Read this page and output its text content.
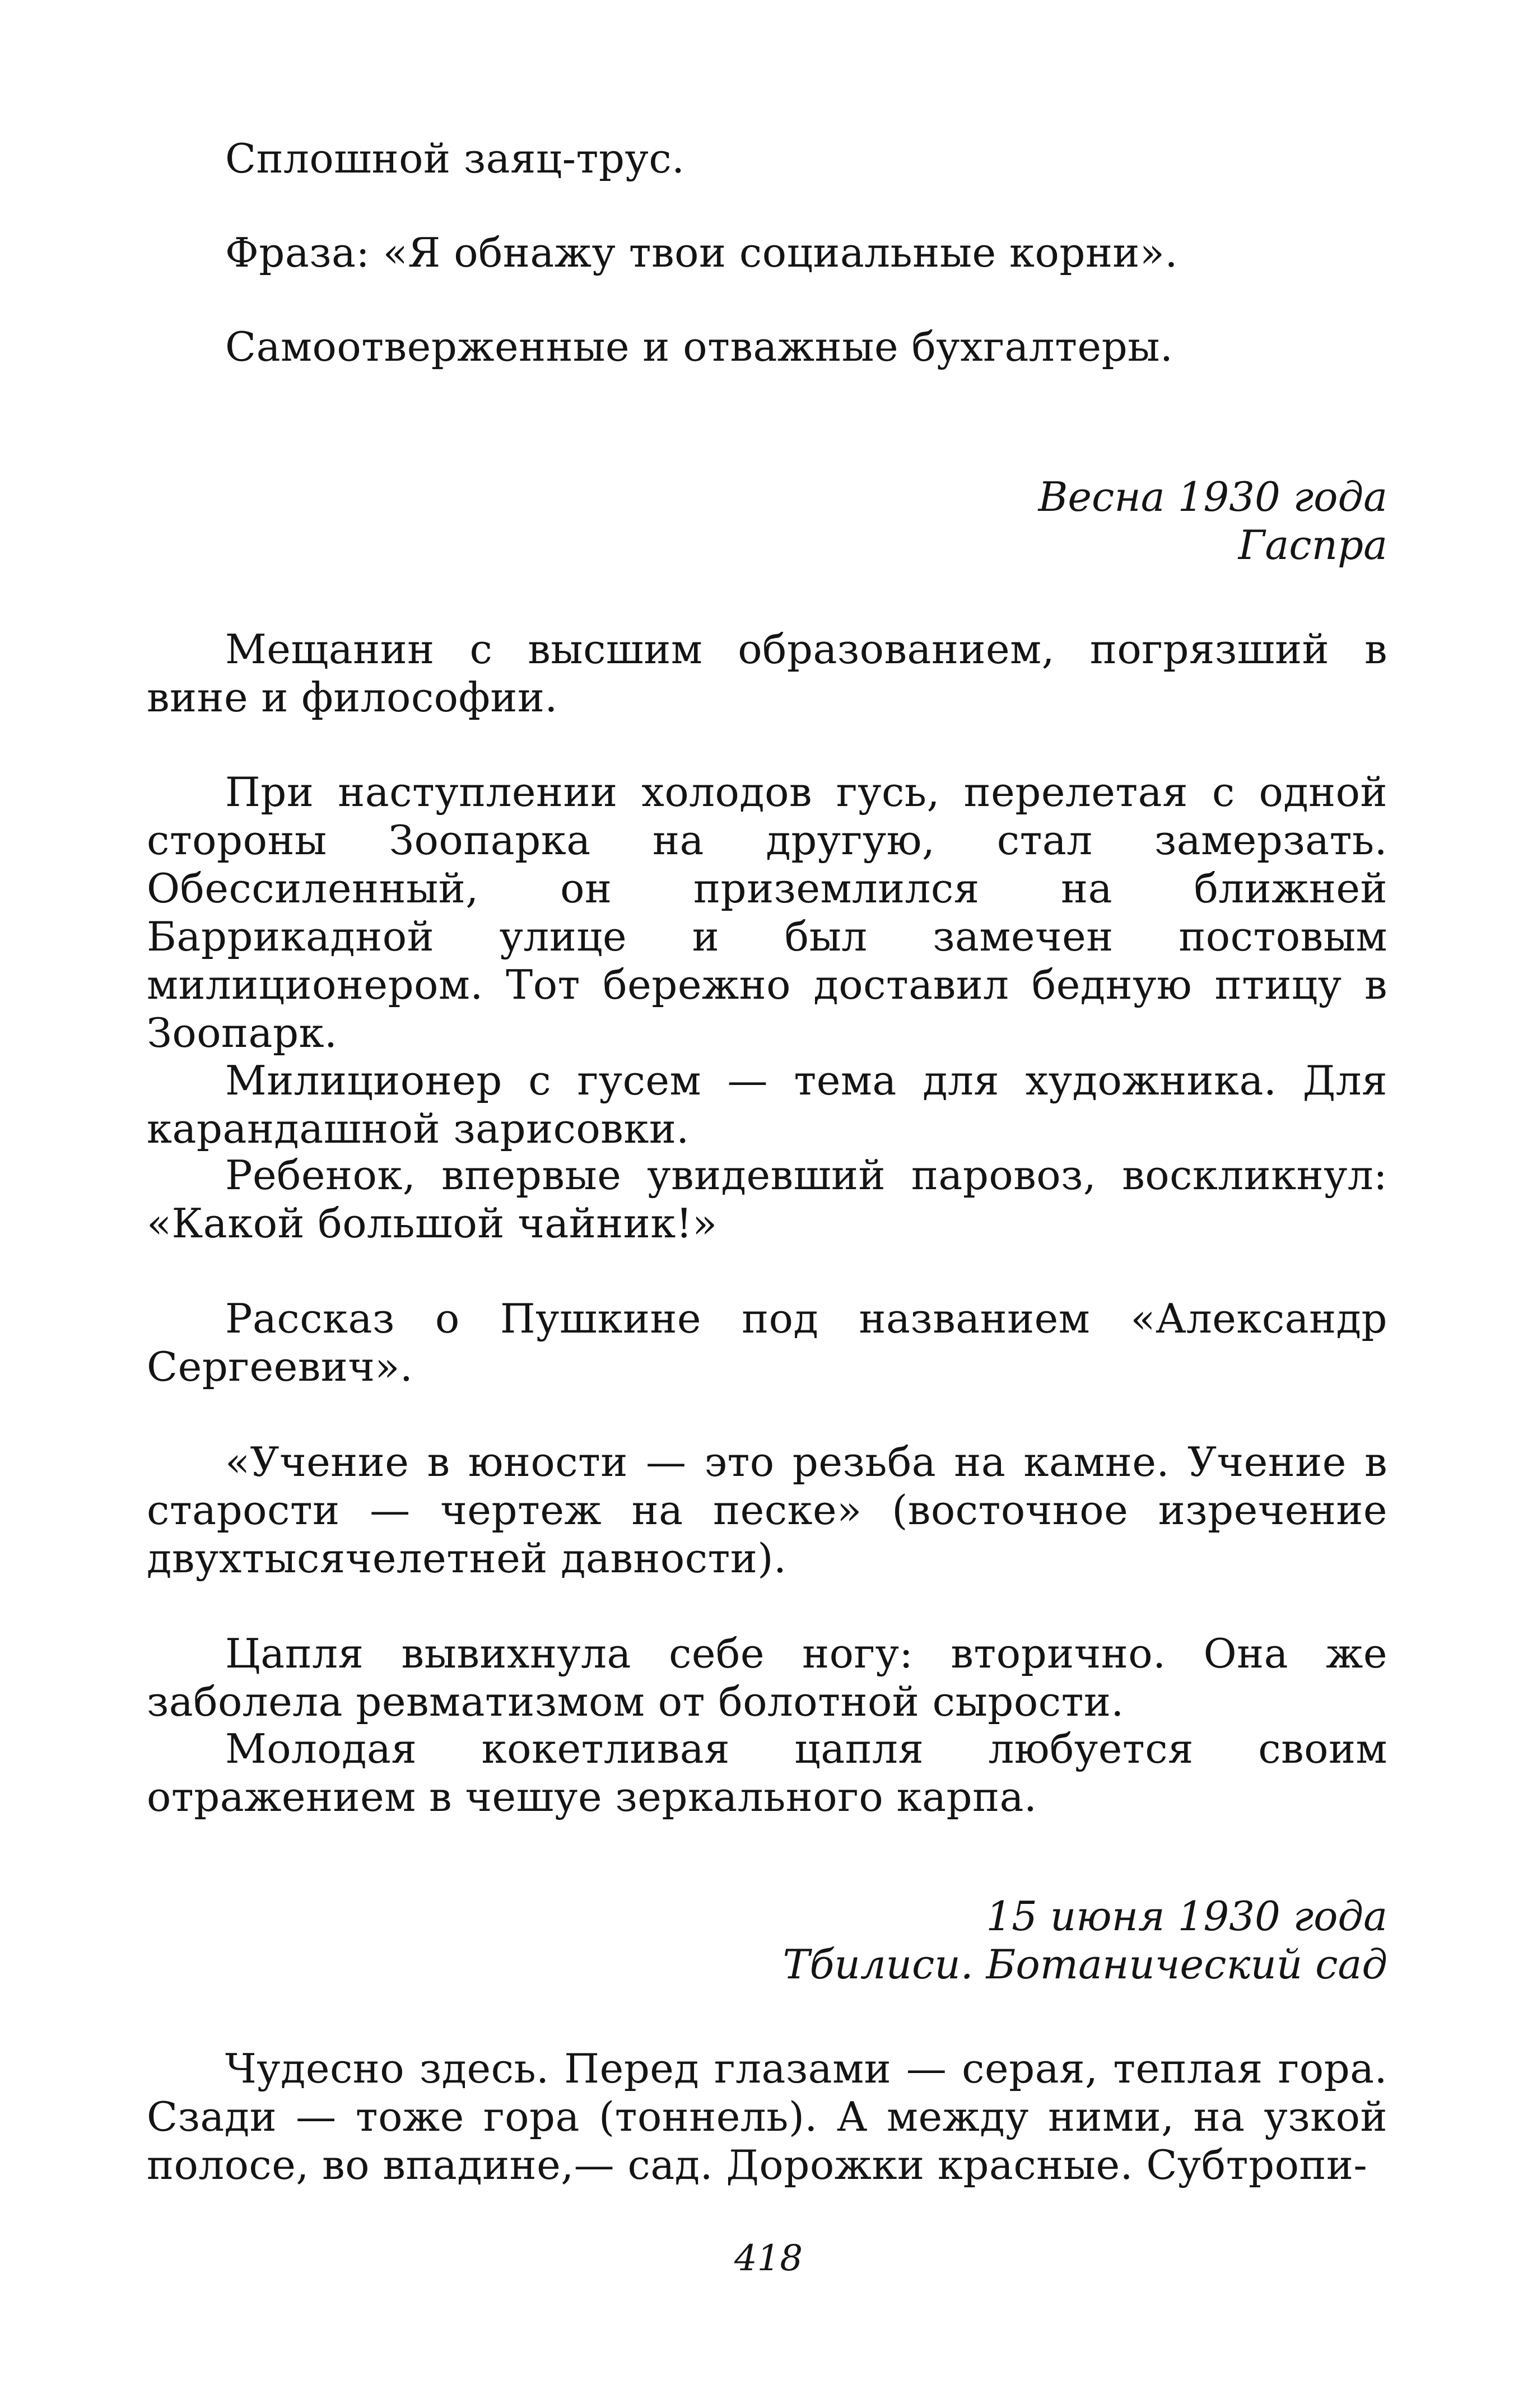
Сплошной заяц-трус.

Фраза: «Я обнажу твои социальные корни».

Самоотверженные и отважные бухгалтеры.

Весна 1930 года

Гаспра

Мещанин с высшим образованием, погрязший в вине и философии.

При наступлении холодов гусь, перелетая с одной стороны Зоопарка на другую, стал замерзать. Обессиленный, он приземлился на ближней Баррикадной улице и был замечен постовым милиционером. Тот бережно доставил бедную птицу в Зоопарк.

Милиционер с гусем — тема для художника. Для карандашной зарисовки.

Ребенок, впервые увидевший паровоз, воскликнул: «Какой большой чайник!»

Рассказ о Пушкине под названием «Александр Сергеевич».

«Учение в юности — это резьба на камне. Учение в старости — чертеж на песке» (восточное изречение двухтысячелетней давности).

Цапля вывихнула себе ногу: вторично. Она же заболела ревматизмом от болотной сырости.

Молодая кокетливая цапля любуется своим отражением в чешуе зеркального карпа.

15 июня 1930 года

Тбилиси. Ботанический сад

Чудесно здесь. Перед глазами — серая, теплая гора. Сзади — тоже гора (тоннель). А между ними, на узкой полосе, во впадине,— сад. Дорожки красные. Субтропи-

418
